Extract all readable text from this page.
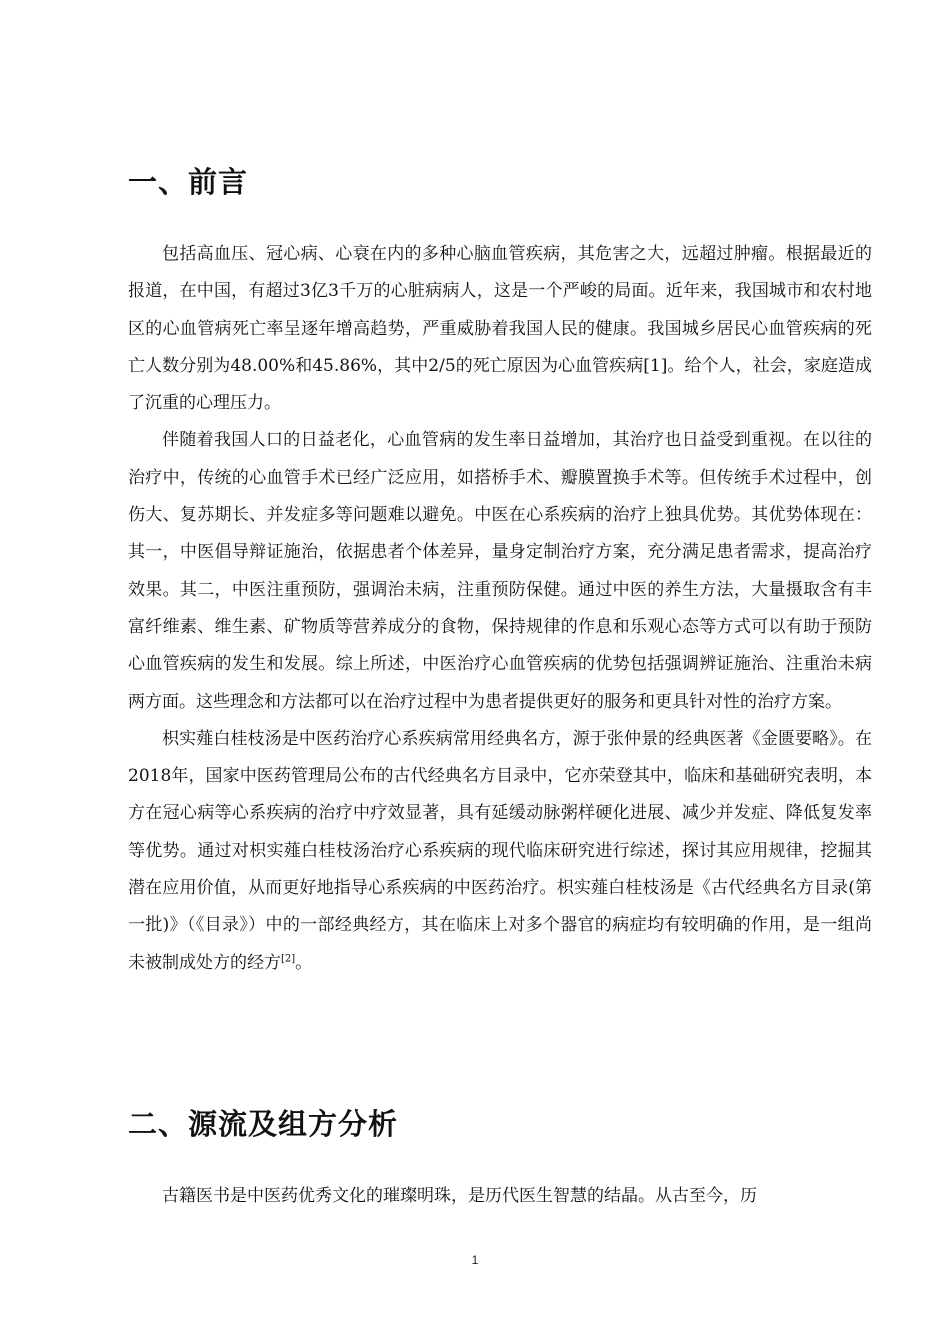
一、前言

包括高血压、冠心病、心衰在内的多种心脑血管疾病，其危害之大，远超过肿瘤。根据最近的报道，在中国，有超过3亿3千万的心脏病病人，这是一个严峻的局面。近年来，我国城市和农村地区的心血管病死亡率呈逐年增高趋势，严重威胁着我国人民的健康。我国城乡居民心血管疾病的死亡人数分别为48.00%和45.86%，其中2/5的死亡原因为心血管疾病[1]。给个人，社会，家庭造成了沉重的心理压力。

伴随着我国人口的日益老化，心血管病的发生率日益增加，其治疗也日益受到重视。在以往的治疗中，传统的心血管手术已经广泛应用，如搭桥手术、瓣膜置换手术等。但传统手术过程中，创伤大、复苏期长、并发症多等问题难以避免。中医在心系疾病的治疗上独具优势。其优势体现在：其一，中医倡导辩证施治，依据患者个体差异，量身定制治疗方案，充分满足患者需求，提高治疗效果。其二，中医注重预防，强调治未病，注重预防保健。通过中医的养生方法，大量摄取含有丰富纤维素、维生素、矿物质等营养成分的食物，保持规律的作息和乐观心态等方式可以有助于预防心血管疾病的发生和发展。综上所述，中医治疗心血管疾病的优势包括强调辨证施治、注重治未病两方面。这些理念和方法都可以在治疗过程中为患者提供更好的服务和更具针对性的治疗方案。

枳实薤白桂枝汤是中医药治疗心系疾病常用经典名方，源于张仲景的经典医著《金匮要略》。在2018年，国家中医药管理局公布的古代经典名方目录中，它亦荣登其中，临床和基础研究表明，本方在冠心病等心系疾病的治疗中疗效显著，具有延缓动脉粥样硬化进展、减少并发症、降低复发率等优势。通过对枳实薤白桂枝汤治疗心系疾病的现代临床研究进行综述，探讨其应用规律，挖掘其潜在应用价值，从而更好地指导心系疾病的中医药治疗。枳实薤白桂枝汤是《古代经典名方目录(第一批)》（《目录》）中的一部经典经方，其在临床上对多个器官的病症均有较明确的作用，是一组尚未被制成处方的经方[2]。

二、源流及组方分析

古籍医书是中医药优秀文化的璀璨明珠，是历代医生智慧的结晶。从古至今，历

1
